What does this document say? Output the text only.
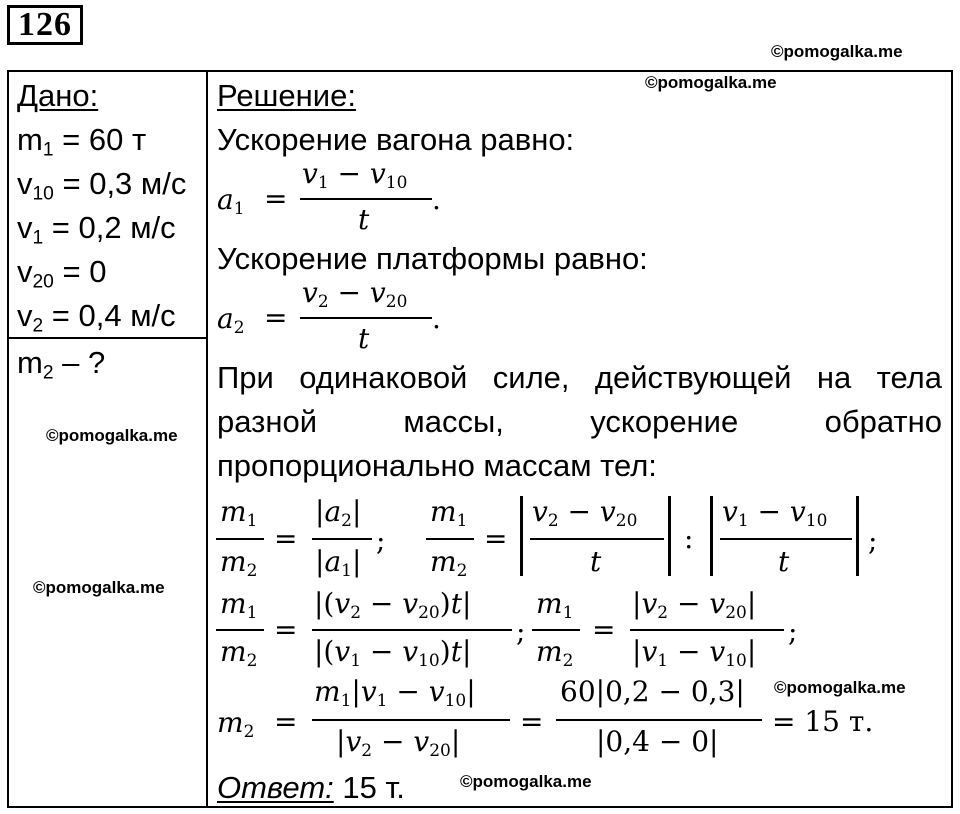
126
©pomogalka.me
©pomogalka.me
©pomogalka.me
©pomogalka.me
©pomogalka.me
©pomogalka.me
Дано:
$m_1 = 60$ т
$v_{10} = 0,3$ м/с
$v_1 = 0,2$ м/с
$v_{20} = 0$
$v_2 = 0,4$ м/с
$m_2$ – ?
Решение:
Ускорение вагона равно:
$a_1$ =
$v_1 - v_{10}$
t
.
Ускорение платформы равно:
$a_2$ =
$v_2 - v_{20}$
t
.
При одинаковой силе, действующей на тела
разной массы, ускорение обратно
пропорционально массам тел:
$m_1$
$m_2$
=
$|a_2|$
$|a_1|$
;
$m_1$
$m_2$
=
$v_2 - v_{20}$
t
:
$v_1 - v_{10}$
t
;
$m_1$
$m_2$
=
$|(v_2 - v_{20})t|$
$|(v_1 - v_{10})t|$
;
$m_1$
$m_2$
=
$|v_2 - v_{20}|$
$|v_1 - v_{10}|$
;
$m_2$ =
$m_1|v_1 - v_{10}|$
$|v_2 - v_{20}|$
=
60|0,2 − 0,3|
|0,4 − 0|
= 15 т.
Ответ: 15 т.
